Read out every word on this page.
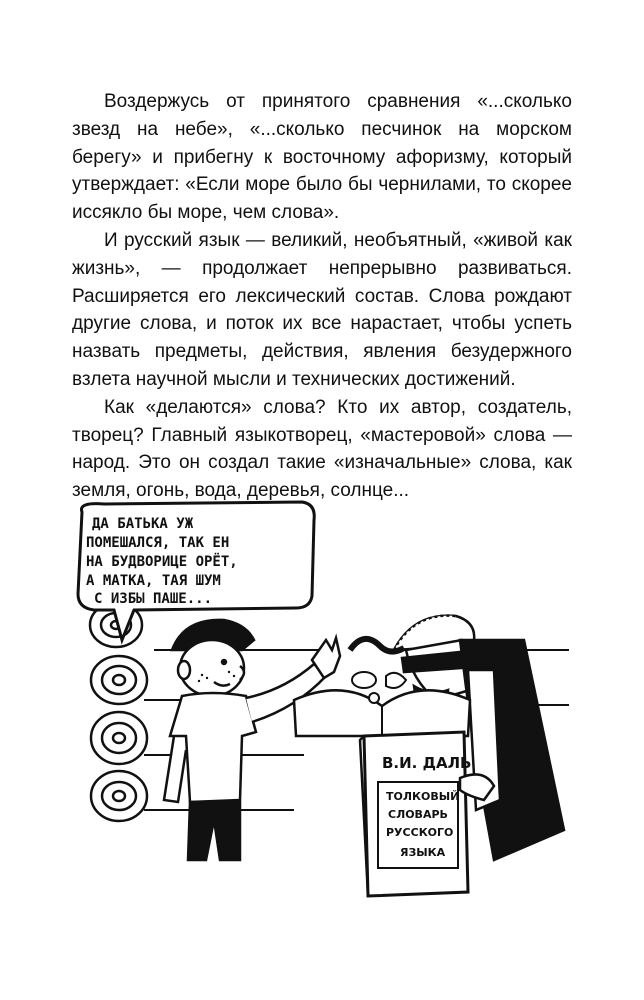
Воздержусь от принятого сравнения «...сколько звезд на небе», «...сколько песчинок на морском берегу» и прибегну к восточному афоризму, который утверждает: «Если море было бы чернилами, то скорее иссякло бы море, чем слова».

И русский язык — великий, необъятный, «живой как жизнь», — продолжает непрерывно развиваться. Расширяется его лексический состав. Слова рождают другие слова, и поток их все нарастает, чтобы успеть назвать предметы, действия, явления безудержного взлета научной мысли и технических достижений.

Как «делаются» слова? Кто их автор, создатель, творец? Главный языкотворец, «мастеровой» слова — народ. Это он создал такие «изначальные» слова, как земля, огонь, вода, деревья, солнце...

ДА БАТЬКА УЖ ПОМЕШАЛСЯ, ТАК ЕН НА БУДВОРИЦЕ ОРЁТ, А МАТКА, ТАЯ ШУМ С ИЗБЫ ПАШЕ...
В.И. ДАЛЬ
ТОЛКОВЫЙ СЛОВАРЬ РУССКОГО ЯЗЫКА
